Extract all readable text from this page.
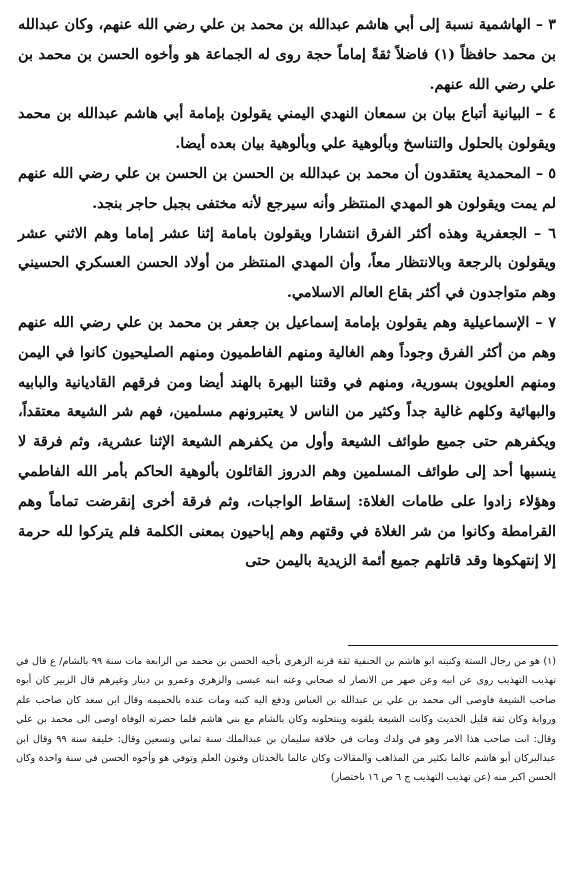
٣ – الهاشمية نسبة إلى أبي هاشم عبدالله بن محمد بن علي رضي الله عنهم، وكان عبدالله بن محمد حافظاً (١) فاضلاً ثقةً إماماً حجة روى له الجماعة هو وأخوه الحسن بن محمد بن علي رضي الله عنهم.

٤ – البيانية أتباع بيان بن سمعان النهدي اليمني يقولون بإمامة أبي هاشم عبدالله بن محمد ويقولون بالحلول والتناسخ وبألوهية علي وبألوهية بيان بعده أيضا.

٥ – المحمدية يعتقدون أن محمد بن عبدالله بن الحسن بن الحسن بن علي رضي الله عنهم لم يمت ويقولون هو المهدي المنتظر وأنه سيرجع لأنه مختفى بجبل حاجر بنجد.

٦ – الجعفرية وهذه أكثر الفرق انتشارا ويقولون بامامة إثنا عشر إماما وهم الاثني عشر ويقولون بالرجعة وبالانتظار معاً، وأن المهدي المنتظر من أولاد الحسن العسكري الحسيني وهم متواجدون في أكثر بقاع العالم الاسلامي.

٧ – الإسماعيلية وهم يقولون بإمامة إسماعيل بن جعفر بن محمد بن علي رضي الله عنهم وهم من أكثر الفرق وجوداً وهم الغالية ومنهم الفاطميون ومنهم الصليحيون كانوا في اليمن ومنهم العلويون بسورية، ومنهم في وقتنا البهرة بالهند أيضا ومن فرقهم القاديانية والبابيه والبهائية وكلهم غالية جداً وكثير من الناس لا يعتبرونهم مسلمين، فهم شر الشيعة معتقداً، ويكفرهم حتى جميع طوائف الشيعة وأول من يكفرهم الشيعة الإثنا عشرية، وثم فرقة لا ينسبها أحد إلى طوائف المسلمين وهم الدروز القائلون بألوهية الحاكم بأمر الله الفاطمي وهؤلاء زادوا على طامات الغلاة: إسقاط الواجبات، وثم فرقة أخرى إنقرضت تماماً وهم القرامطة وكانوا من شر الغلاة في وقتهم وهم إباحيون بمعنى الكلمة فلم يتركوا لله حرمة إلا إنتهكوها وقد قاتلهم جميع أئمة الزيدية باليمن حتى

(١) هو من رجال الستة وكنيته ابو هاشم بن الحنفية ثقة قرنه الزهري بأخيه الحسن بن محمد من الرابعة مات سنة ٩٩ بالشام/ ع قال في تهذيب التهذيب روى عن ابيه وعن صهر من الانصار له صحابي وعنه ابنه عيسى والزهري وعمرو بن دينار وغيرهم قال الزبير كان أبوه صاحب الشيعة فاوصى الى محمد بن علي بن عبدالله بن العباس ودفع اليه كتبه ومات عنده بالحميمه وقال ابن سعد كان صاحب علم ورواية وكان ثقة قليل الحديث وكانت الشيعة يلقونه وينتحلونه وكان بالشام مع بني هاشم فلما حضرته الوفاة اوصى الى محمد بن علي وقال: انت صاحب هذا الامر وهو في ولدك ومات في خلافة سليمان بن عبدالملك سنة ثماني وتسعين وقال: خليفة سنة ٩٩ وقال ابن عبدالبركان أبو هاشم عالما بكثير من المذاهب والمقالات وكان عالما بالحدثان وفنون العلم وتوفي هو وأخوه الحسن في سنة واحدة وكان الحسن اكبر منه (عن تهذيب التهذيب ج ٦ ص ١٦ باختصار)
